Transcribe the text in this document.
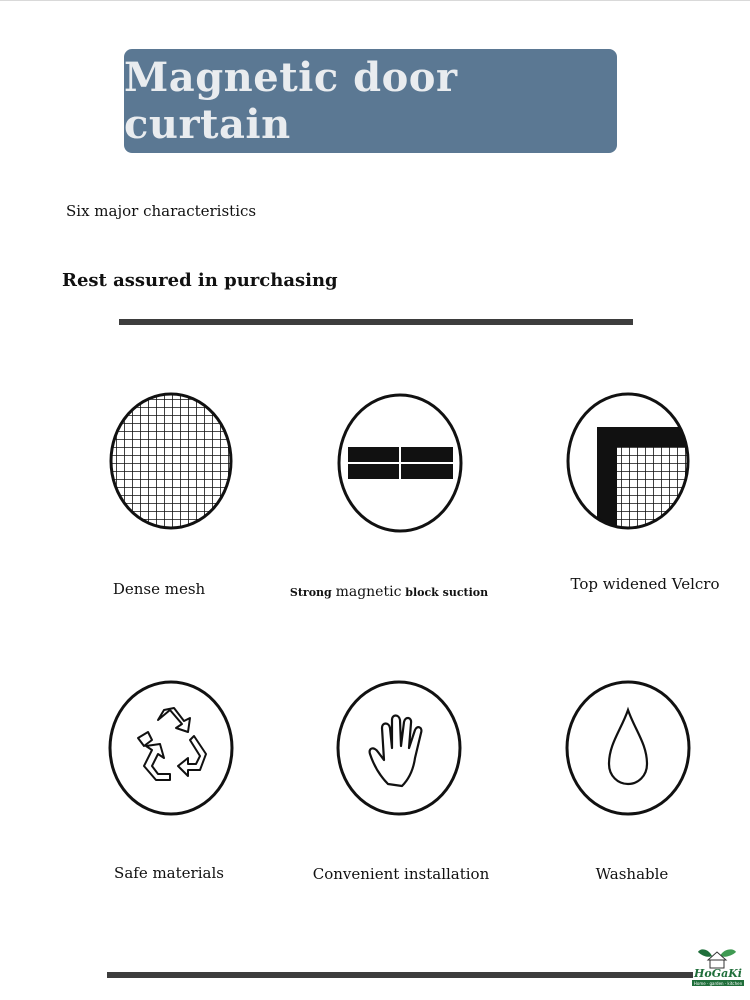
Magnetic door curtain
Six major characteristics
Rest assured in purchasing
Dense mesh	Strong magnetic block suction	Top widened Velcro
Safe materials	Convenient installation	Washable
HoGaKi
Home · garden · kitchen
